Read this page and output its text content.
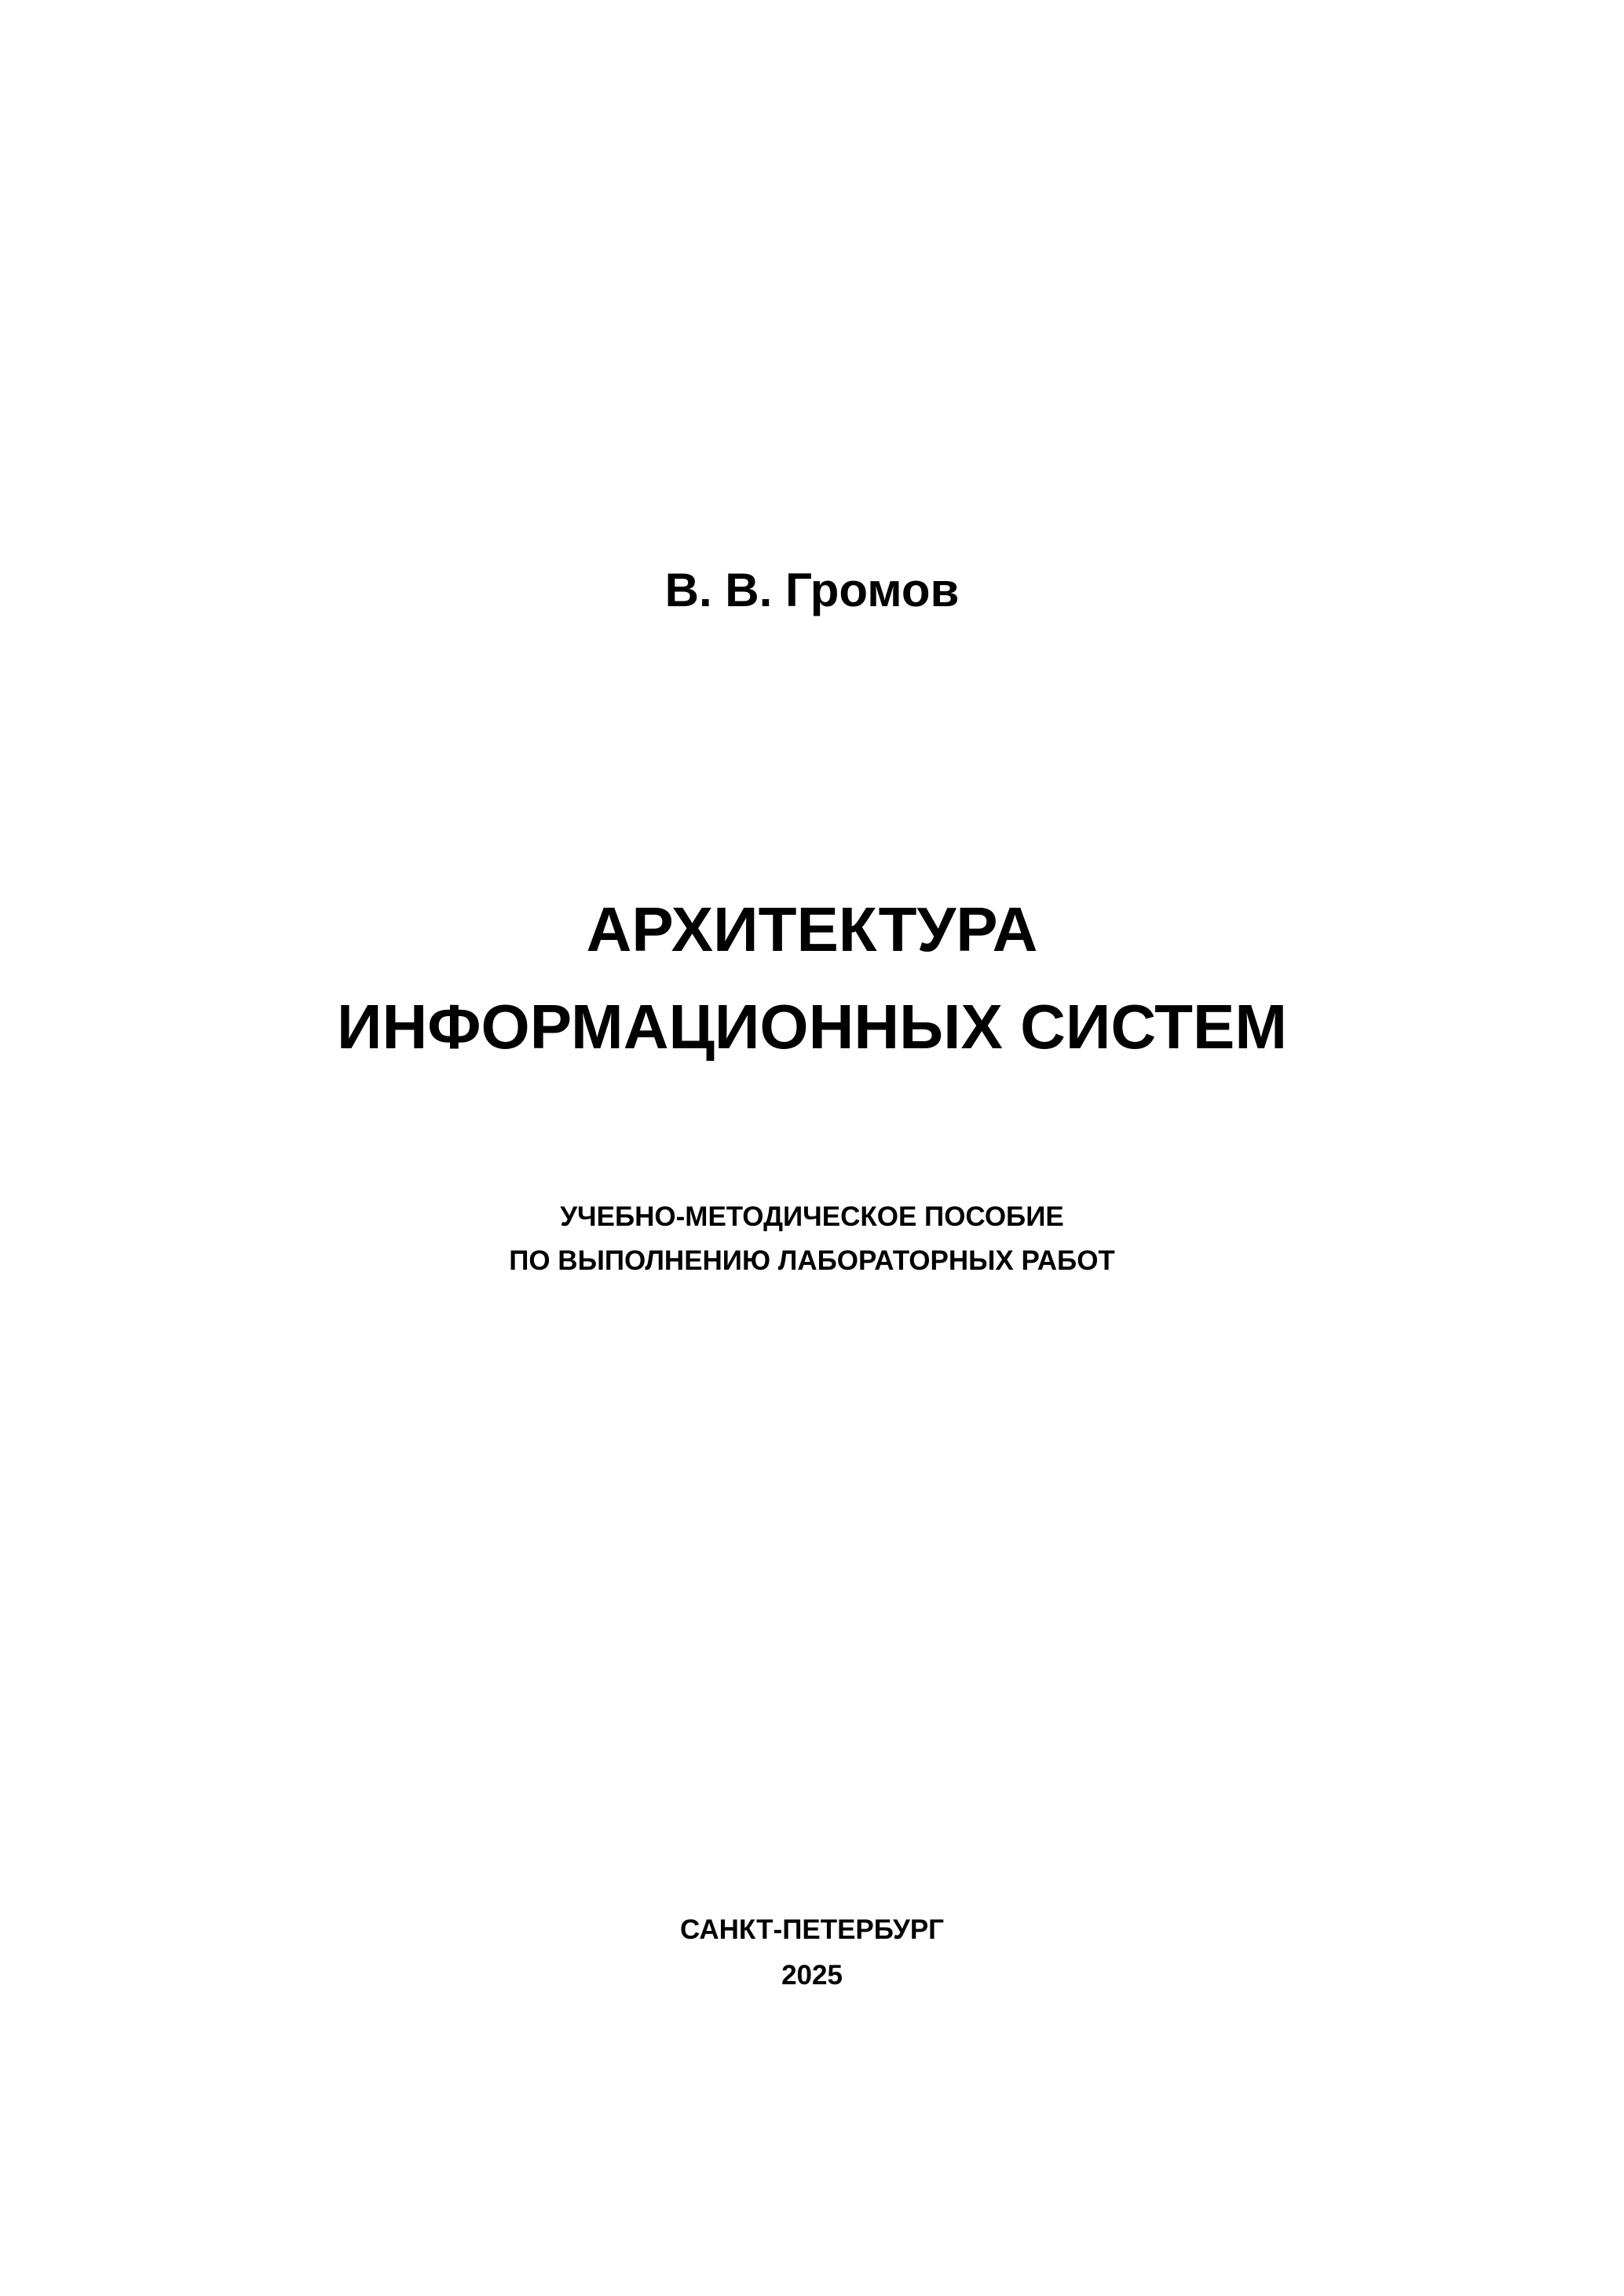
В. В. Громов
АРХИТЕКТУРА
ИНФОРМАЦИОННЫХ СИСТЕМ
УЧЕБНО-МЕТОДИЧЕСКОЕ ПОСОБИЕ
ПО ВЫПОЛНЕНИЮ ЛАБОРАТОРНЫХ РАБОТ
САНКТ-ПЕТЕРБУРГ
2025
